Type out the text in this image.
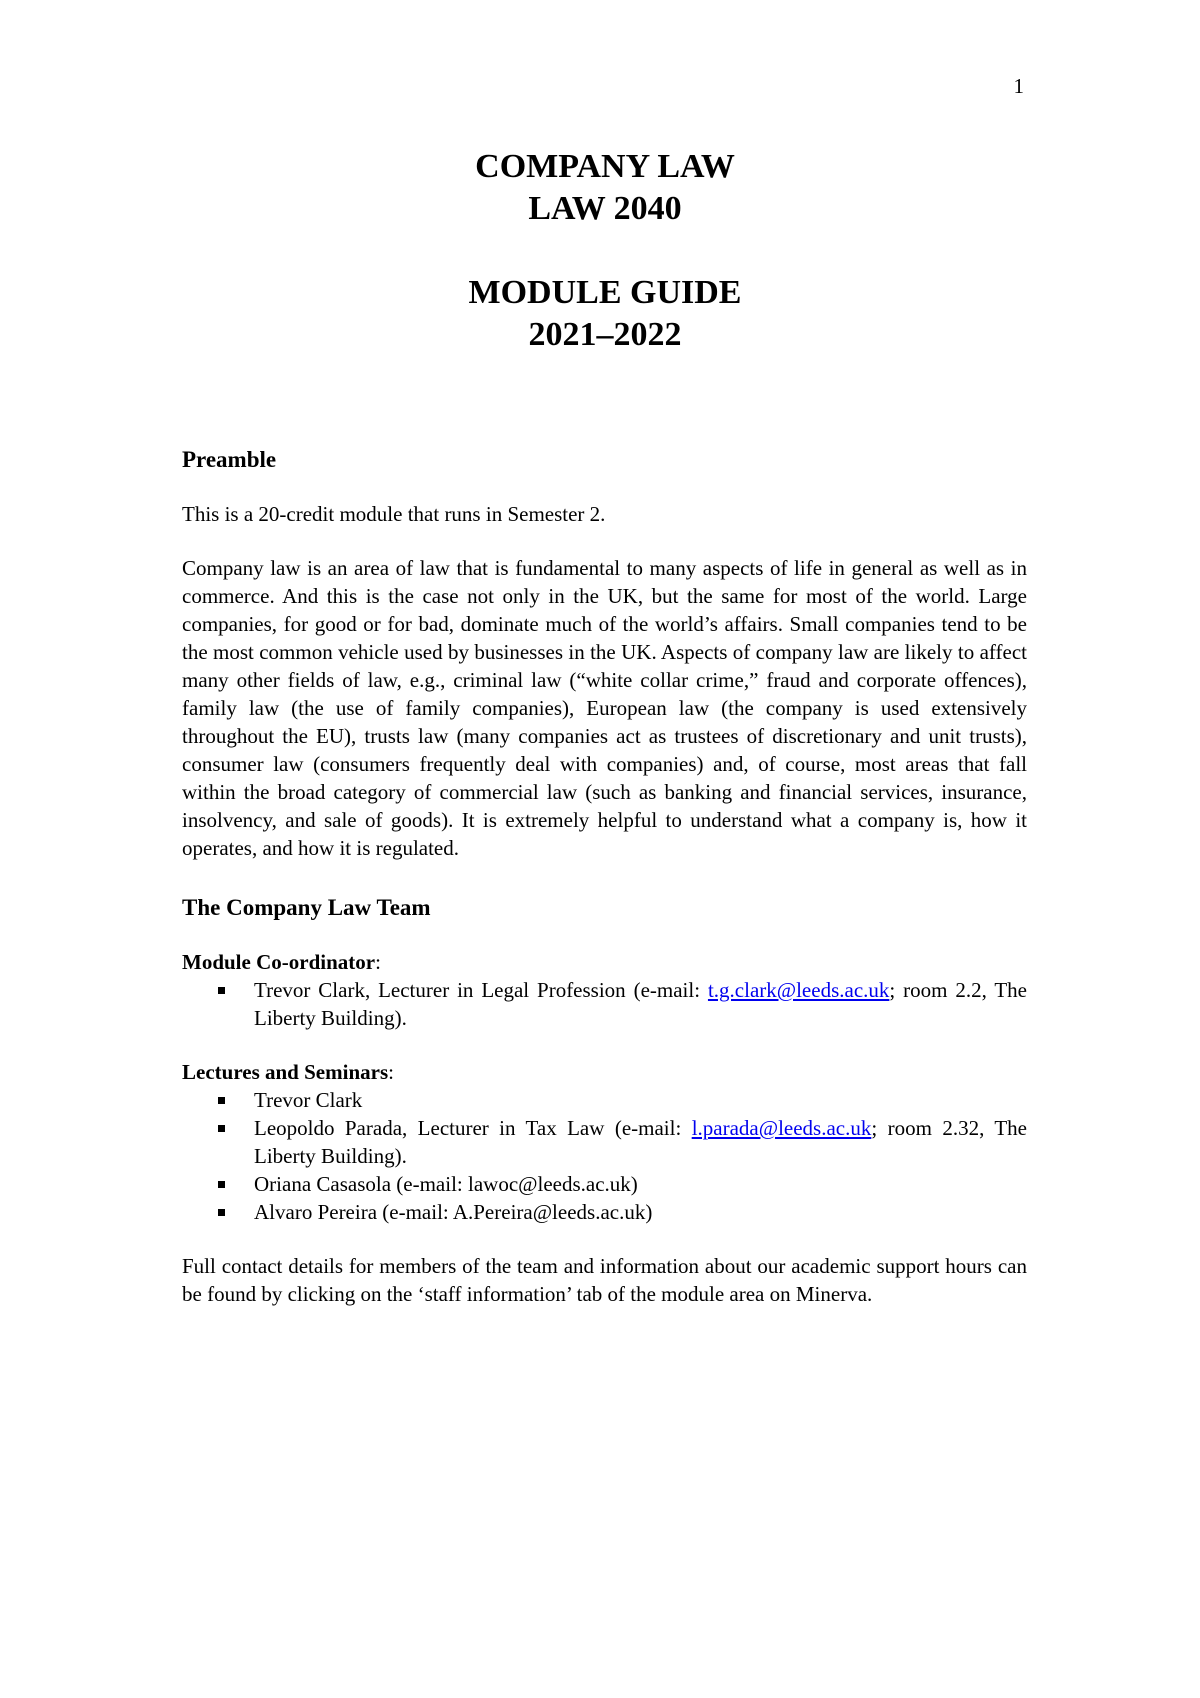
1
COMPANY LAW
LAW 2040
MODULE GUIDE
2021–2022
Preamble

This is a 20-credit module that runs in Semester 2.

Company law is an area of law that is fundamental to many aspects of life in general as well as in commerce. And this is the case not only in the UK, but the same for most of the world. Large companies, for good or for bad, dominate much of the world’s affairs. Small companies tend to be the most common vehicle used by businesses in the UK. Aspects of company law are likely to affect many other fields of law, e.g., criminal law (“white collar crime,” fraud and corporate offences), family law (the use of family companies), European law (the company is used extensively throughout the EU), trusts law (many companies act as trustees of discretionary and unit trusts), consumer law (consumers frequently deal with companies) and, of course, most areas that fall within the broad category of commercial law (such as banking and financial services, insurance, insolvency, and sale of goods). It is extremely helpful to understand what a company is, how it operates, and how it is regulated.

The Company Law Team
Module Co-ordinator:
Trevor Clark, Lecturer in Legal Profession (e-mail: t.g.clark@leeds.ac.uk; room 2.2, The Liberty Building).
Lectures and Seminars:
Trevor Clark
Leopoldo Parada, Lecturer in Tax Law (e-mail: l.parada@leeds.ac.uk; room 2.32, The Liberty Building).
Oriana Casasola (e-mail: lawoc@leeds.ac.uk)
Alvaro Pereira (e-mail: A.Pereira@leeds.ac.uk)

Full contact details for members of the team and information about our academic support hours can be found by clicking on the ‘staff information’ tab of the module area on Minerva.
